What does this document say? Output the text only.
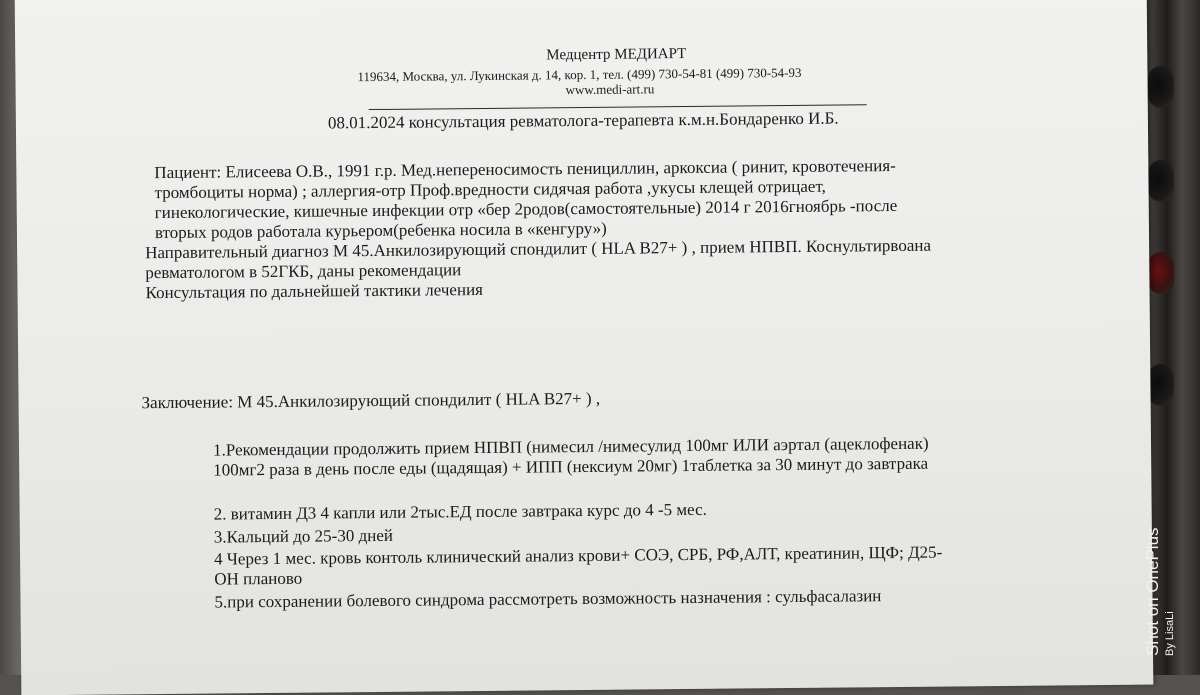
Медцентр МЕДИАРТ
119634, Москва, ул. Лукинская д. 14, кор. 1, тел. (499) 730-54-81 (499) 730-54-93
www.medi-art.ru
08.01.2024 консультация ревматолога-терапевта к.м.н.Бондаренко И.Б.
Пациент: Елисеева О.В., 1991 г.р. Мед.непереносимость пенициллин, аркоксиа ( ринит, кровотечения-
тромбоциты норма) ; аллергия-отр Проф.вредности сидячая работа ,укусы клещей отрицает,
гинекологические, кишечные инфекции отр «бер 2родов(самостоятельные) 2014 г 2016гноябрь -после
вторых родов работала курьером(ребенка носила в «кенгуру»)
Направительный диагноз М 45.Анкилозирующий спондилит ( HLA B27+ ) , прием НПВП. Коснультирвоана
ревматологом в 52ГКБ, даны рекомендации
Консультация по дальнейшей тактики лечения
Заключение: М 45.Анкилозирующий спондилит ( HLA B27+ ) ,
1.Рекомендации продолжить прием НПВП (нимесил /нимесулид 100мг ИЛИ аэртал (ацеклофенак)
100мг2 раза в день после еды (щадящая) + ИПП (нексиум 20мг) 1таблетка за 30 минут до завтрака
2. витамин Д3 4 капли или 2тыс.ЕД после завтрака курс до 4 -5 мес.
3.Кальций до 25-30 дней
4 Через 1 мес. кровь контоль клинический анализ крови+ СОЭ, СРБ, РФ,АЛТ, креатинин, ЩФ; Д25-
ОН планово
5.при сохранении болевого синдрома рассмотреть возможность назначения : сульфасалазин	Shot on OnePlus By LisaLi
